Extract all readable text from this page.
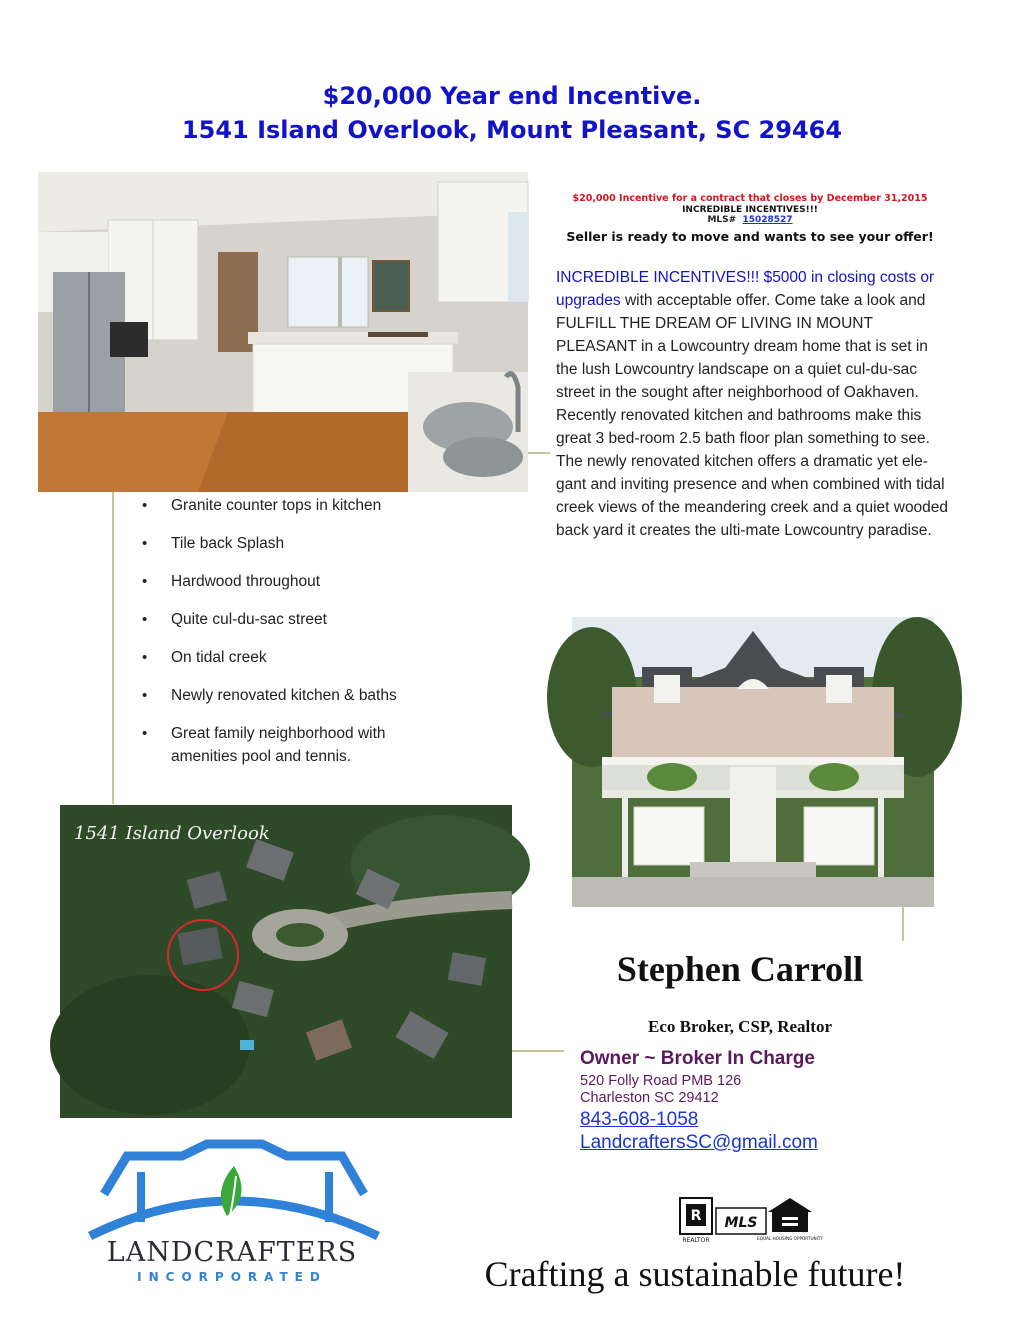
$20,000 Year end Incentive.
1541 Island Overlook, Mount Pleasant, SC 29464
$20,000 Incentive for a contract that closes by December 31,2015
INCREDIBLE INCENTIVES!!!
MLS# 15028527
Seller is ready to move and wants to see your offer!
INCREDIBLE INCENTIVES!!! $5000 in closing costs or upgrades with acceptable offer. Come take a look and FULFILL THE DREAM OF LIVING IN MOUNT PLEASANT in a Lowcountry dream home that is set in the lush Lowcountry landscape on a quiet cul-du-sac street in the sought after neighborhood of Oakhaven. Recently renovated kitchen and bathrooms make this great 3 bed-room 2.5 bath floor plan something to see. The newly renovated kitchen offers a dramatic yet ele-gant and inviting presence and when combined with tidal creek views of the meandering creek and a quiet wooded back yard it creates the ulti-mate Lowcountry paradise.
• Granite counter tops in kitchen
• Tile back Splash
• Hardwood throughout
• Quite cul-du-sac street
• On tidal creek
• Newly renovated kitchen & baths
• Great family neighborhood with amenities pool and tennis.
1541 Island Overlook
Stephen Carroll
Eco Broker, CSP, Realtor
Owner ~ Broker In Charge
520 Folly Road PMB 126
Charleston SC 29412
843-608-1058
LandcraftersSC@gmail.com
LANDCRAFTERS
INCORPORATED
R
REALTOR
MLS
EQUAL HOUSING OPPORTUNITY
Crafting a sustainable future!
